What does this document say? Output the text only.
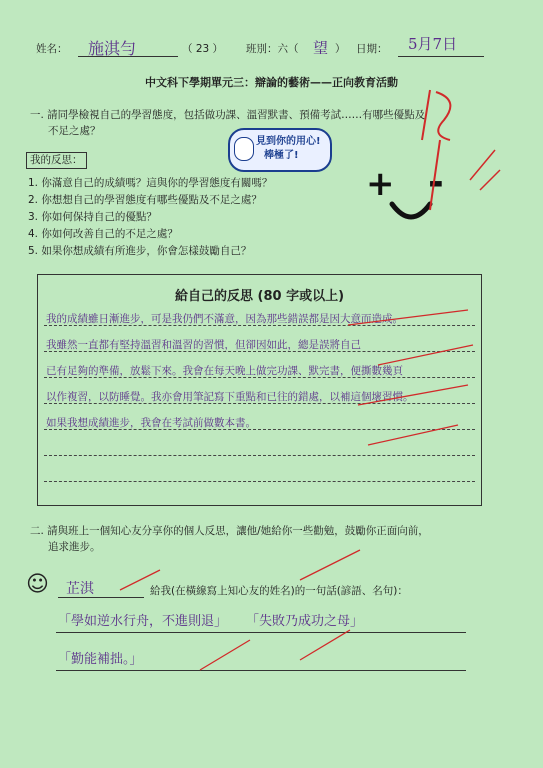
姓名： 施淇勻	（ 23 ） 班別：六（ 望 ） 日期： 5月7日
中文科下學期單元三：辯論的藝術——正向教育活動
一. 請同學檢視自己的學習態度，包括做功課、溫習默書、預備考試……有哪些優點及
不足之處？
我的反思：
1. 你滿意自己的成績嗎？這與你的學習態度有關嗎？
2. 你想想自己的學習態度有哪些優點及不足之處？
3. 你如何保持自己的優點？
4. 你如何改善自己的不足之處？
5. 如果你想成績有所進步，你會怎樣鼓勵自己？
見到你的用心!
棒極了!
+ -
給自己的反思 (80 字或以上)
我的成績雖日漸進步，可是我仍們不滿意，因為那些錯誤都是因大意而造成。
我雖然一直都有堅持溫習和溫習的習慣，但卻因如此，總是誤將自己
已有足夠的準備，放鬆下來。我會在每天晚上做完功課、默完書，便撕數幾頁
以作複習，以防睡覺。我亦會用筆記寫下重點和已往的錯處，以補這個壞習慣。
如果我想成績進步，我會在考試前做數本書。
二. 請與班上一個知心友分享你的個人反思，讓他/她給你一些勸勉，鼓勵你正面向前，
追求進步。
☺ 芷淇	給我(在橫線寫上知心友的姓名)的一句話(諺語、名句)：
「學如逆水行舟，不進則退」 「失敗乃成功之母」
「勤能補拙。」
